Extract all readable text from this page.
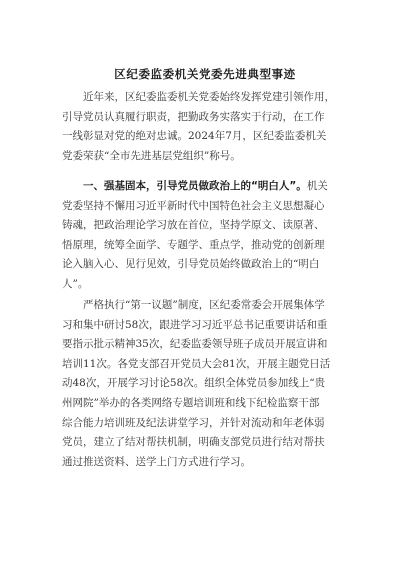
区纪委监委机关党委先进典型事迹
近年来，区纪委监委机关党委始终发挥党建引领作用，
引导党员认真履行职责，把勤政务实落实于行动，在工作
一线彰显对党的绝对忠诚。2024年7月，区纪委监委机关
党委荣获“全市先进基层党组织”称号。
一、强基固本，引导党员做政治上的“明白人”。机关
党委坚持不懈用习近平新时代中国特色社会主义思想凝心
铸魂，把政治理论学习放在首位，坚持学原文、读原著、
悟原理，统筹全面学、专题学、重点学，推动党的创新理
论入脑入心、见行见效，引导党员始终做政治上的“明白
人”。
严格执行“第一议题”制度，区纪委常委会开展集体学
习和集中研讨58次，跟进学习习近平总书记重要讲话和重
要指示批示精神35次，纪委监委领导班子成员开展宣讲和
培训11次。各党支部召开党员大会81次，开展主题党日活
动48次，开展学习讨论58次。组织全体党员参加线上“贵
州网院”举办的各类网络专题培训班和线下纪检监察干部
综合能力培训班及纪法讲堂学习，并针对流动和年老体弱
党员，建立了结对帮扶机制，明确支部党员进行结对帮扶
通过推送资料、送学上门方式进行学习。
